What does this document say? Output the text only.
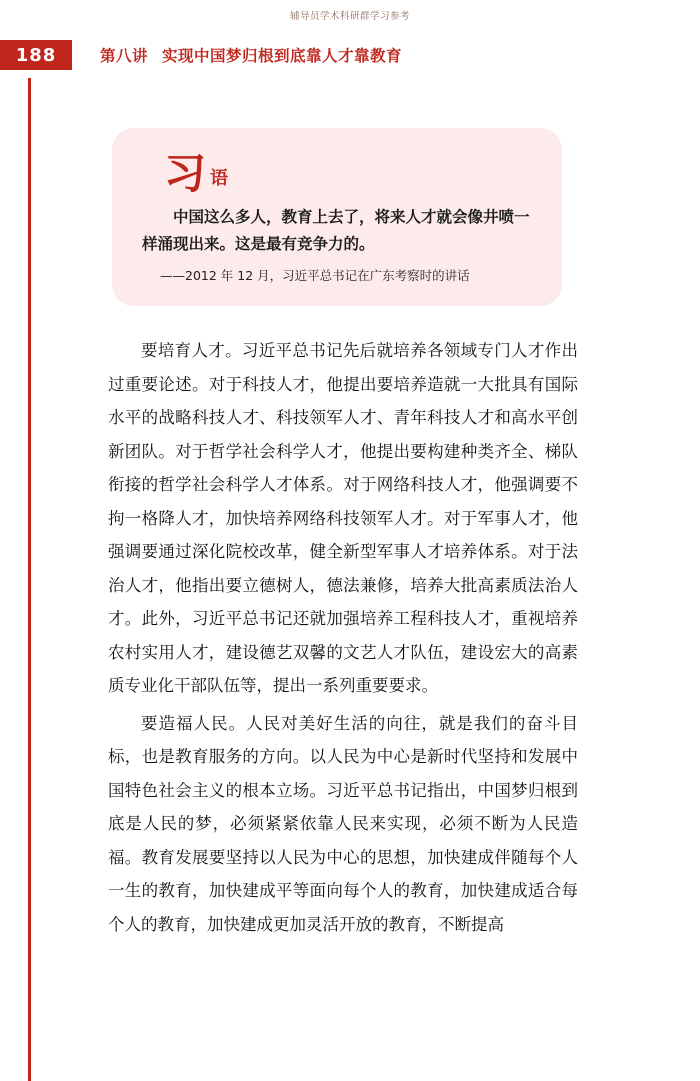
辅导员学术科研群学习参考
188	第八讲 实现中国梦归根到底靠人才靠教育
习 语
中国这么多人，教育上去了，将来人才就会像井喷一样涌现出来。这是最有竞争力的。
——2012 年 12 月，习近平总书记在广东考察时的讲话

要培育人才。习近平总书记先后就培养各领域专门人才作出过重要论述。对于科技人才，他提出要培养造就一大批具有国际水平的战略科技人才、科技领军人才、青年科技人才和高水平创新团队。对于哲学社会科学人才，他提出要构建种类齐全、梯队衔接的哲学社会科学人才体系。对于网络科技人才，他强调要不拘一格降人才，加快培养网络科技领军人才。对于军事人才，他强调要通过深化院校改革，健全新型军事人才培养体系。对于法治人才，他指出要立德树人，德法兼修，培养大批高素质法治人才。此外，习近平总书记还就加强培养工程科技人才，重视培养农村实用人才，建设德艺双馨的文艺人才队伍，建设宏大的高素质专业化干部队伍等，提出一系列重要要求。

要造福人民。人民对美好生活的向往，就是我们的奋斗目标，也是教育服务的方向。以人民为中心是新时代坚持和发展中国特色社会主义的根本立场。习近平总书记指出，中国梦归根到底是人民的梦，必须紧紧依靠人民来实现，必须不断为人民造福。教育发展要坚持以人民为中心的思想，加快建成伴随每个人一生的教育，加快建成平等面向每个人的教育，加快建成适合每个人的教育，加快建成更加灵活开放的教育，不断提高
